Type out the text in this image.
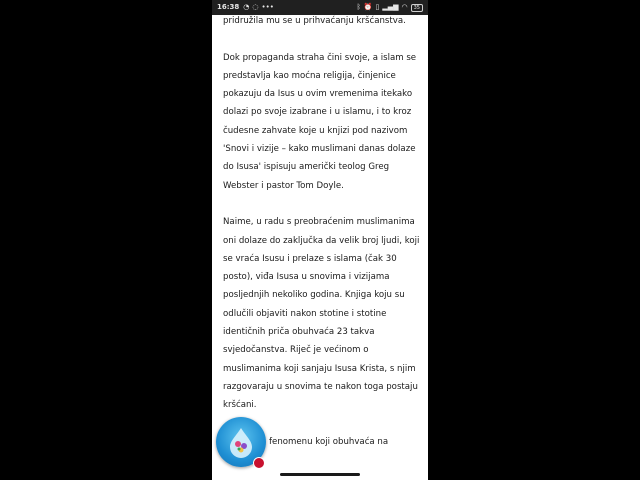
16:38 ◔ ◌ •••	ᛒ ⏰ ▯ ▂▄▆ ◠	35

pridružila mu se u prihvaćanju kršćanstva.

Dok propaganda straha čini svoje, a islam se predstavlja kao moćna religija, činjenice pokazuju da Isus u ovim vremenima itekako dolazi po svoje izabrane i u islamu, i to kroz čudesne zahvate koje u knjizi pod nazivom 'Snovi i vizije – kako muslimani danas dolaze do Isusa' ispisuju američki teolog Greg Webster i pastor Tom Doyle.

Naime, u radu s preobraćenim muslimanima oni dolaze do zaključka da velik broj ljudi, koji se vraća Isusu i prelaze s islama (čak 30 posto), viđa Isusa u snovima i vizijama posljednjih nekoliko godina. Knjiga koju su odlučili objaviti nakon stotine i stotine identičnih priča obuhvaća 23 takva svjedočanstva. Riječ je većinom o muslimanima koji sanjaju Isusa Krista, s njim razgovaraju u snovima te nakon toga postaju kršćani.

fenomenu koji obuhvaća na
